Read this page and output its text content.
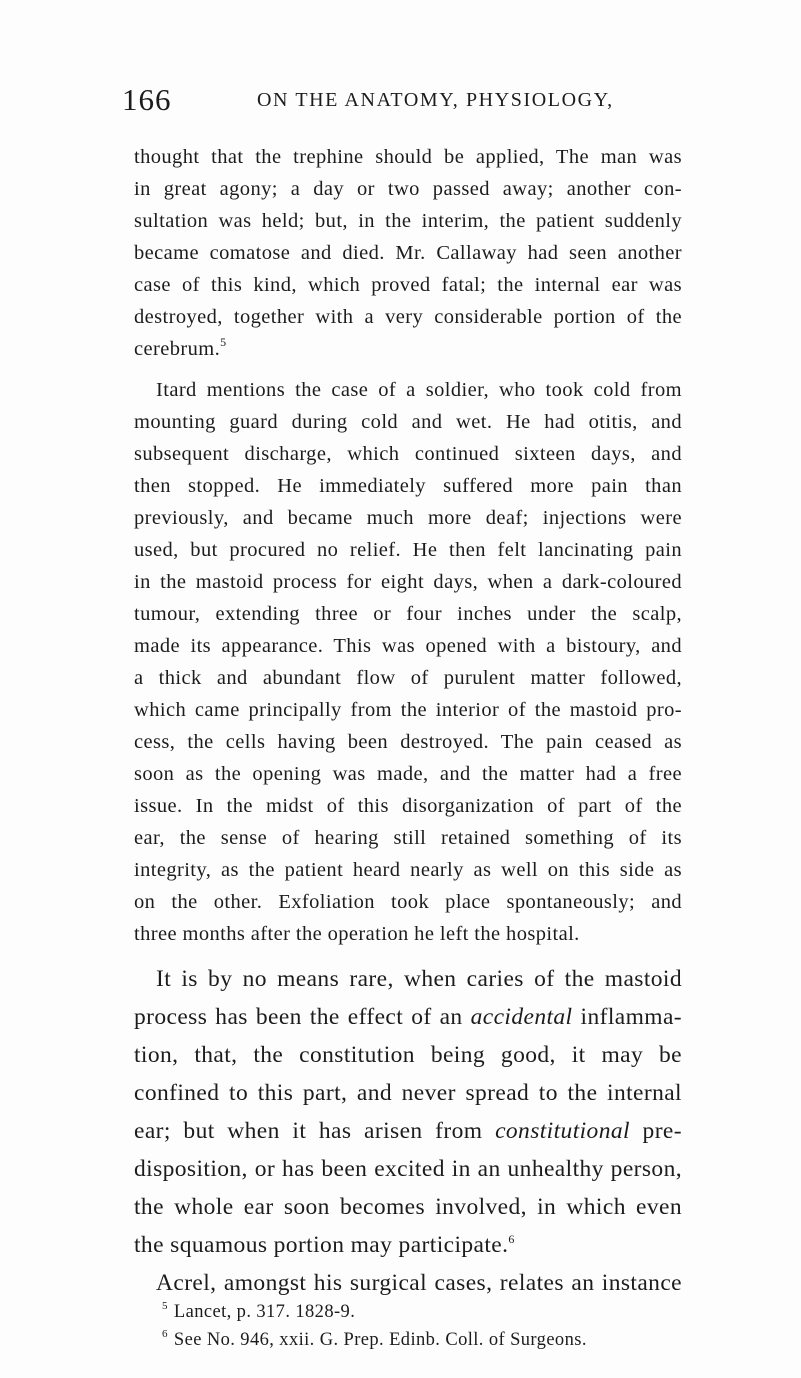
166	ON THE ANATOMY, PHYSIOLOGY,
thought that the trephine should be applied, The man was
in great agony; a day or two passed away; another con-
sultation was held; but, in the interim, the patient suddenly
became comatose and died. Mr. Callaway had seen another
case of this kind, which proved fatal; the internal ear was
destroyed, together with a very considerable portion of the
cerebrum.$^5$
Itard mentions the case of a soldier, who took cold from
mounting guard during cold and wet. He had otitis, and
subsequent discharge, which continued sixteen days, and
then stopped. He immediately suffered more pain than
previously, and became much more deaf; injections were
used, but procured no relief. He then felt lancinating pain
in the mastoid process for eight days, when a dark-coloured
tumour, extending three or four inches under the scalp,
made its appearance. This was opened with a bistoury, and
a thick and abundant flow of purulent matter followed,
which came principally from the interior of the mastoid pro-
cess, the cells having been destroyed. The pain ceased as
soon as the opening was made, and the matter had a free
issue. In the midst of this disorganization of part of the
ear, the sense of hearing still retained something of its
integrity, as the patient heard nearly as well on this side as
on the other. Exfoliation took place spontaneously; and
three months after the operation he left the hospital.
It is by no means rare, when caries of the mastoid
process has been the effect of an accidental inflamma-
tion, that, the constitution being good, it may be
confined to this part, and never spread to the internal
ear; but when it has arisen from constitutional pre-
disposition, or has been excited in an unhealthy person,
the whole ear soon becomes involved, in which even
the squamous portion may participate.$^6$
Acrel, amongst his surgical cases, relates an instance
$^5$ Lancet, p. 317. 1828-9.
$^6$ See No. 946, xxii. G. Prep. Edinb. Coll. of Surgeons.
